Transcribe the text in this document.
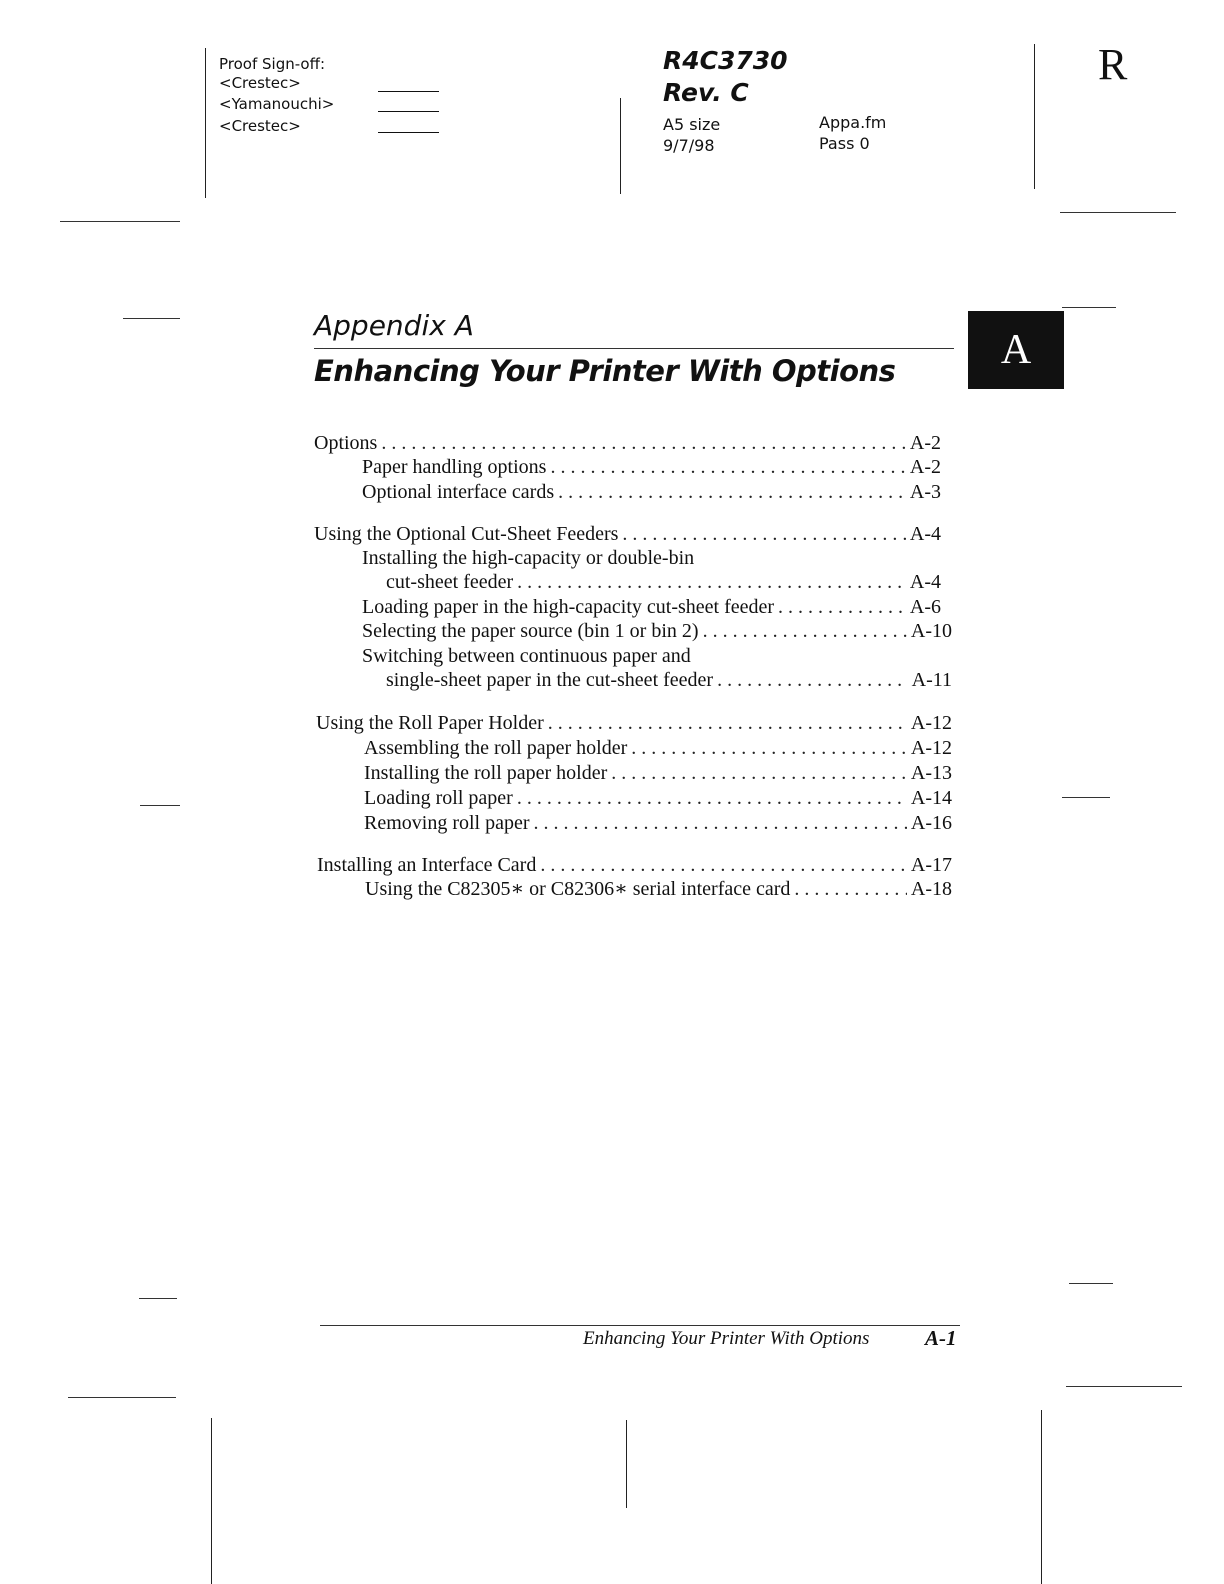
Proof Sign-off:
<Crestec>
<Yamanouchi>
<Crestec>
R4C3730
Rev. C
A5 size
9/7/98
Appa.fm
Pass 0
R
Appendix A
Enhancing Your Printer With Options	A
Options . . .	A-2
Paper handling options . . .	A-2
Optional interface cards . . .	A-3
Using the Optional Cut-Sheet Feeders . . .	A-4
Installing the high-capacity or double-bin
cut-sheet feeder . . .	A-4
Loading paper in the high-capacity cut-sheet feeder . . .	A-6
Selecting the paper source (bin 1 or bin 2) . . .	A-10
Switching between continuous paper and
single-sheet paper in the cut-sheet feeder . . .	A-11
Using the Roll Paper Holder . . .	A-12
Assembling the roll paper holder . . .	A-12
Installing the roll paper holder . . .	A-13
Loading roll paper . . .	A-14
Removing roll paper . . .	A-16
Installing an Interface Card . . .	A-17
Using the C82305∗ or C82306∗ serial interface card . . .	A-18
Enhancing Your Printer With Options	A-1
